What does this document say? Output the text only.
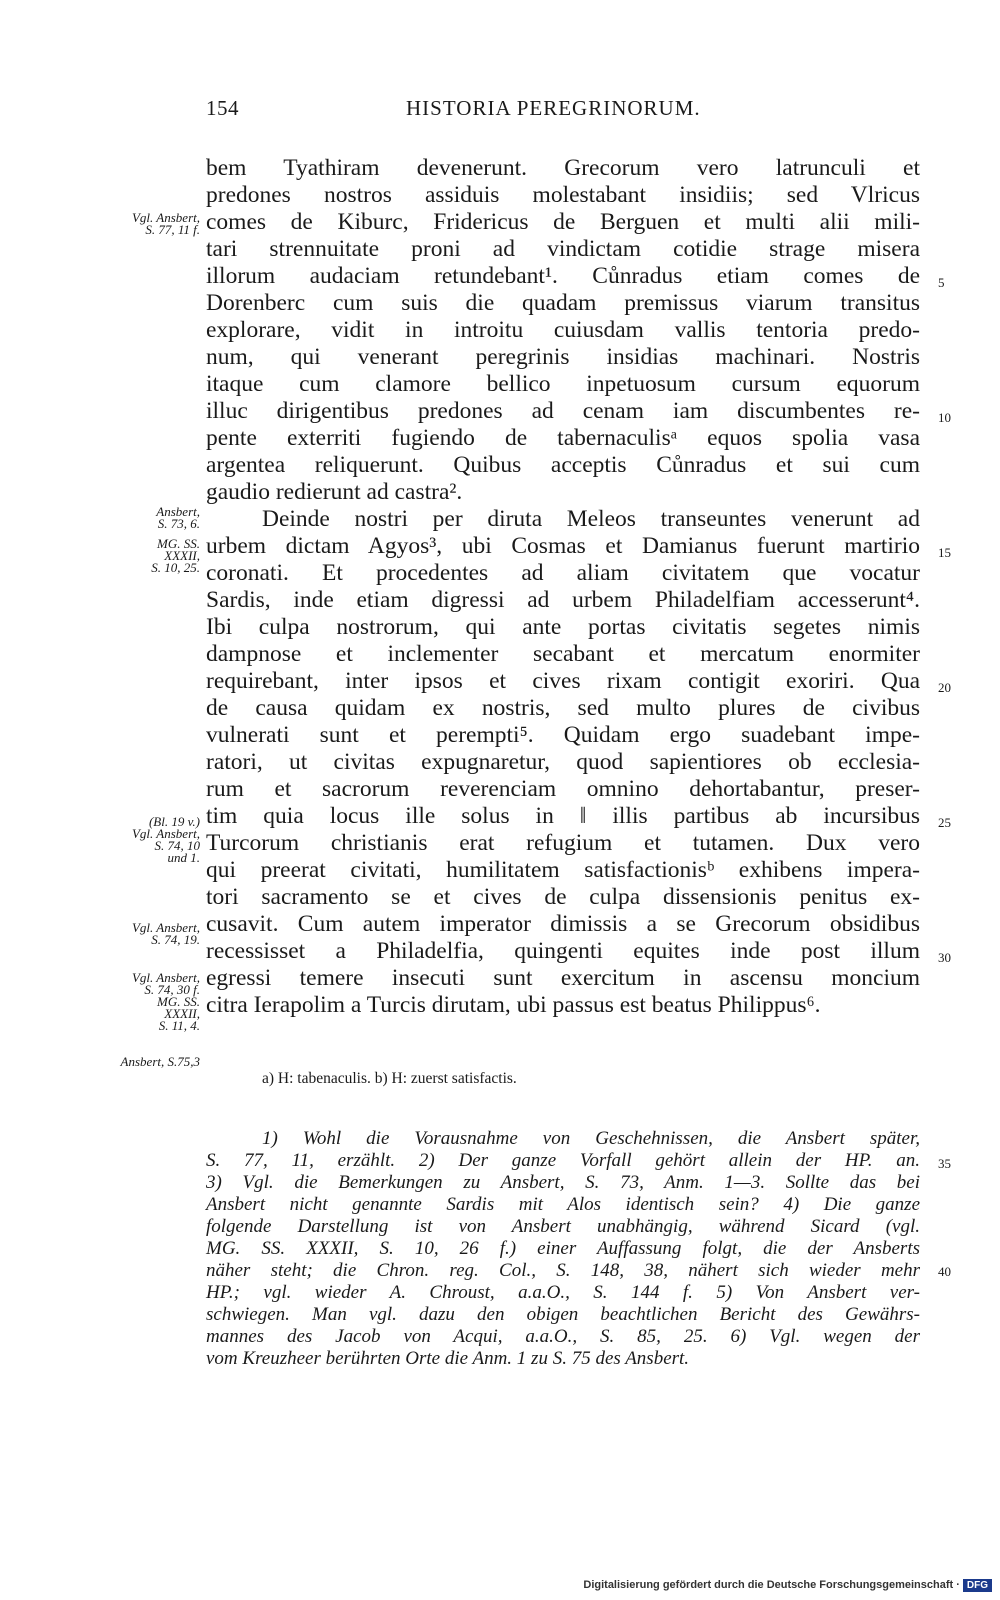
154	HISTORIA PEREGRINORUM.
bem Tyathiram devenerunt. Grecorum vero latrunculi et
predones nostros assiduis molestabant insidiis; sed Vlricus
comes de Kiburc, Fridericus de Berguen et multi alii mili-
tari strennuitate proni ad vindictam cotidie strage misera
illorum audaciam retundebant¹. Cůnradus etiam comes de
Dorenberc cum suis die quadam premissus viarum transitus
explorare, vidit in introitu cuiusdam vallis tentoria predo-
num, qui venerant peregrinis insidias machinari. Nostris
itaque cum clamore bellico inpetuosum cursum equorum
illuc dirigentibus predones ad cenam iam discumbentes re-
pente exterriti fugiendo de tabernaculisᵃ equos spolia vasa
argentea reliquerunt. Quibus acceptis Cůnradus et sui cum
gaudio redierunt ad castra².
Deinde nostri per diruta Meleos transeuntes venerunt ad
urbem dictam Agyos³, ubi Cosmas et Damianus fuerunt martirio
coronati. Et procedentes ad aliam civitatem que vocatur
Sardis, inde etiam digressi ad urbem Philadelfiam accesserunt⁴.
Ibi culpa nostrorum, qui ante portas civitatis segetes nimis
dampnose et inclementer secabant et mercatum enormiter
requirebant, inter ipsos et cives rixam contigit exoriri. Qua
de causa quidam ex nostris, sed multo plures de civibus
vulnerati sunt et perempti⁵. Quidam ergo suadebant impe-
ratori, ut civitas expugnaretur, quod sapientiores ob ecclesia-
rum et sacrorum reverenciam omnino dehortabantur, preser-
tim quia locus ille solus in ‖ illis partibus ab incursibus
Turcorum christianis erat refugium et tutamen. Dux vero
qui preerat civitati, humilitatem satisfactionisᵇ exhibens impera-
tori sacramento se et cives de culpa dissensionis penitus ex-
cusavit. Cum autem imperator dimissis a se Grecorum obsidibus
recessisset a Philadelfia, quingenti equites inde post illum
egressi temere insecuti sunt exercitum in ascensu moncium
citra Ierapolim a Turcis dirutam, ubi passus est beatus Philippus⁶.
5
10
15
20
25
30
Vgl. Ansbert,
S. 77, 11 f.
Ansbert,
S. 73, 6.
MG. SS.
XXXII,
S. 10, 25.
(Bl. 19 v.)
Vgl. Ansbert,
S. 74, 10
und 1.
Vgl. Ansbert,
S. 74, 19.
Vgl. Ansbert,
S. 74, 30 f.
MG. SS.
XXXII,
S. 11, 4.
Ansbert, S.75,3
a) H: tabenaculis. b) H: zuerst satisfactis.
1) Wohl die Vorausnahme von Geschehnissen, die Ansbert später,
S. 77, 11, erzählt. 2) Der ganze Vorfall gehört allein der HP. an.
3) Vgl. die Bemerkungen zu Ansbert, S. 73, Anm. 1—3. Sollte das bei
Ansbert nicht genannte Sardis mit Alos identisch sein? 4) Die ganze
folgende Darstellung ist von Ansbert unabhängig, während Sicard (vgl.
MG. SS. XXXII, S. 10, 26 f.) einer Auffassung folgt, die der Ansberts
näher steht; die Chron. reg. Col., S. 148, 38, nähert sich wieder mehr
HP.; vgl. wieder A. Chroust, a.a.O., S. 144 f. 5) Von Ansbert ver-
schwiegen. Man vgl. dazu den obigen beachtlichen Bericht des Gewährs-
mannes des Jacob von Acqui, a.a.O., S. 85, 25. 6) Vgl. wegen der
vom Kreuzheer berührten Orte die Anm. 1 zu S. 75 des Ansbert.
35
40
Digitalisierung gefördert durch die Deutsche Forschungsgemeinschaft · DFG
